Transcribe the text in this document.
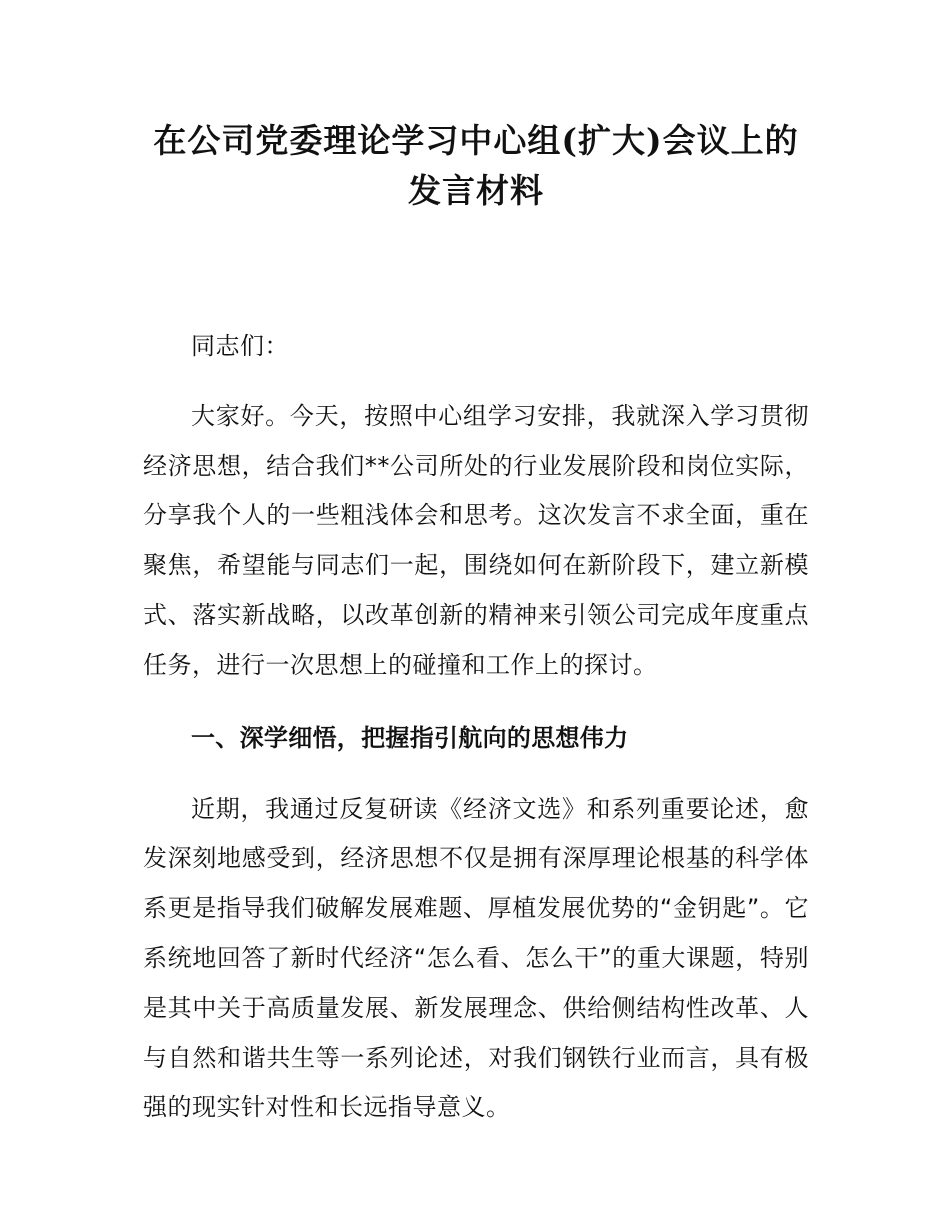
在公司党委理论学习中心组(扩大)会议上的
发言材料

同志们：

大家好。今天，按照中心组学习安排，我就深入学习贯彻经济思想，结合我们**公司所处的行业发展阶段和岗位实际，分享我个人的一些粗浅体会和思考。这次发言不求全面，重在聚焦，希望能与同志们一起，围绕如何在新阶段下，建立新模式、落实新战略，以改革创新的精神来引领公司完成年度重点任务，进行一次思想上的碰撞和工作上的探讨。

一、深学细悟，把握指引航向的思想伟力

近期，我通过反复研读《经济文选》和系列重要论述，愈发深刻地感受到，经济思想不仅是拥有深厚理论根基的科学体系更是指导我们破解发展难题、厚植发展优势的“金钥匙”。它系统地回答了新时代经济“怎么看、怎么干”的重大课题，特别是其中关于高质量发展、新发展理念、供给侧结构性改革、人与自然和谐共生等一系列论述，对我们钢铁行业而言，具有极强的现实针对性和长远指导意义。
